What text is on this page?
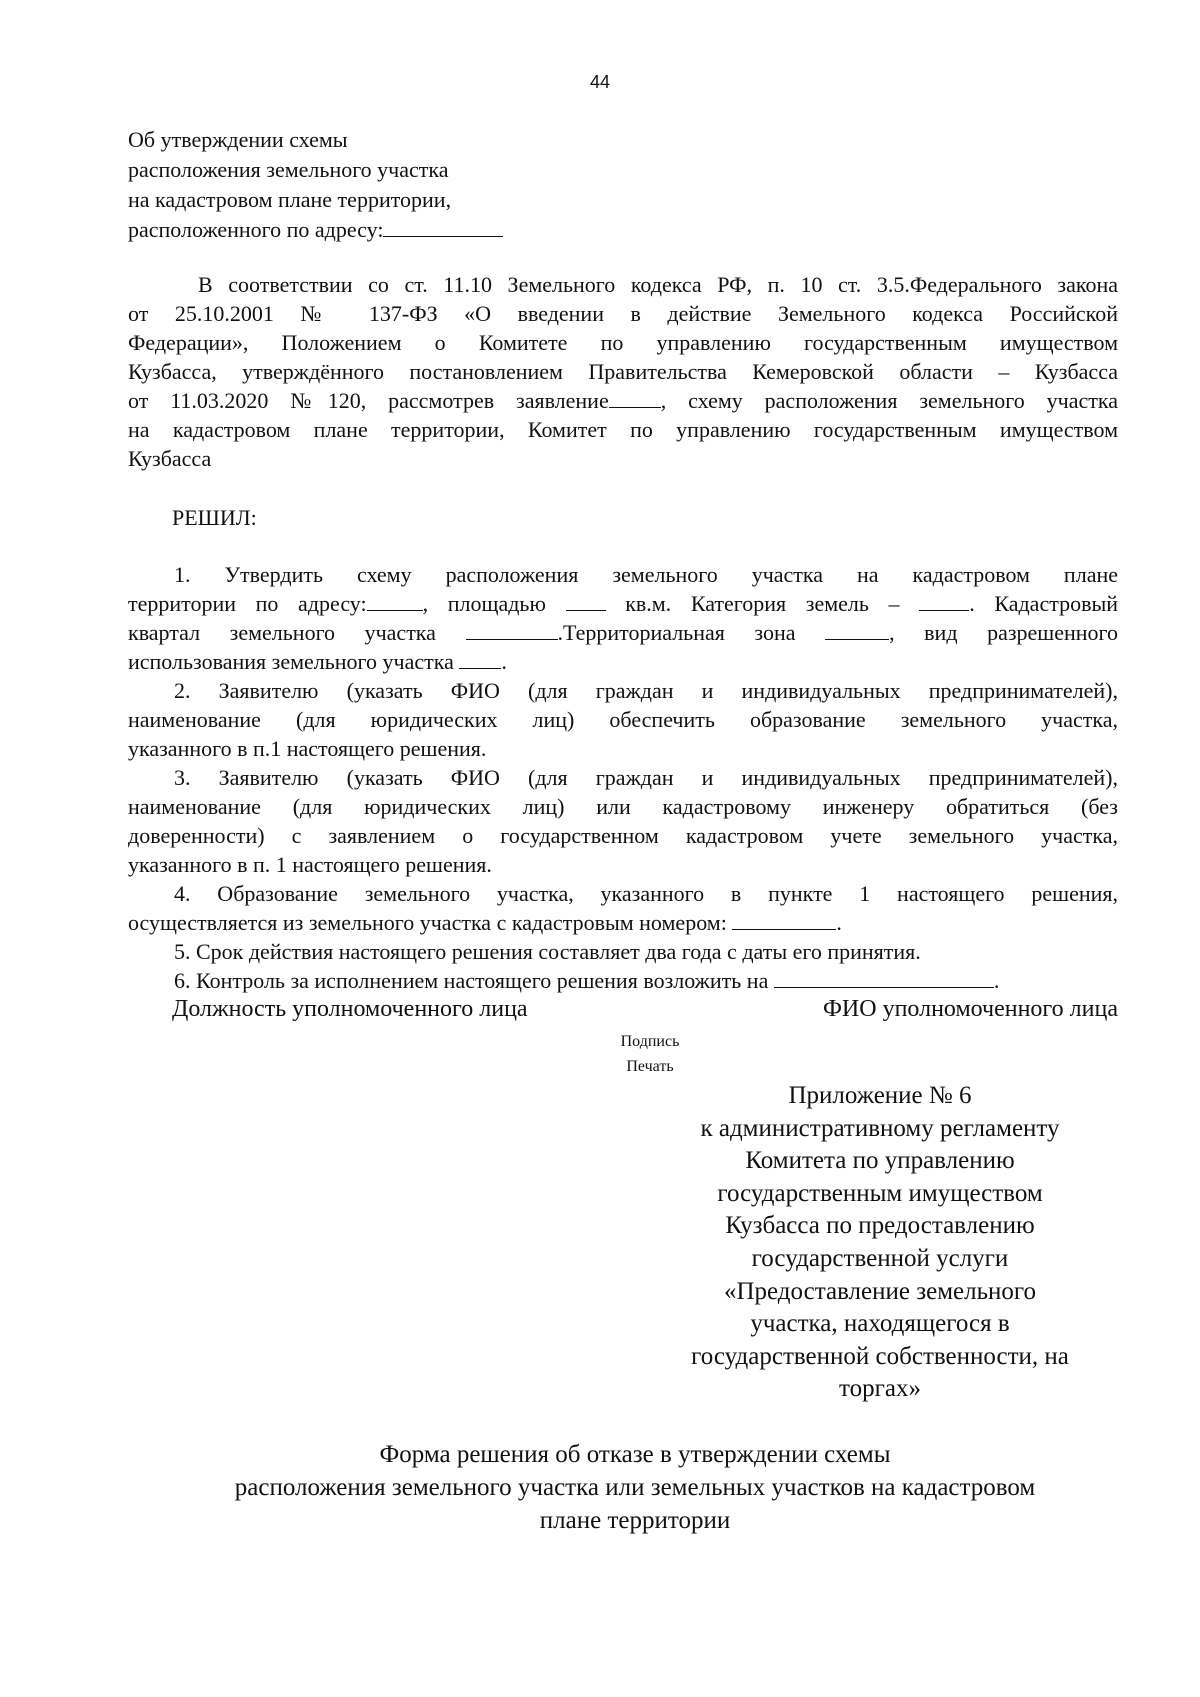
44
Об утверждении схемы
расположения земельного участка
на кадастровом плане территории,
расположенного по адресу:
В соответствии со ст. 11.10 Земельного кодекса РФ, п. 10 ст. 3.5.Федерального закона
от 25.10.2001 № 137-ФЗ «О введении в действие Земельного кодекса Российской
Федерации», Положением о Комитете по управлению государственным имуществом
Кузбасса, утверждённого постановлением Правительства Кемеровской области – Кузбасса
от 11.03.2020 №120, рассмотрев заявление , схему расположения земельного участка
на кадастровом плане территории, Комитет по управлению государственным имуществом
Кузбасса
РЕШИЛ:
1. Утвердить схему расположения земельного участка на кадастровом плане
территории по адресу:	, площадью	кв.м. Категория земель –	. Кадастровый
квартал земельного участка	.Территориальная зона	, вид разрешенного
использования земельного участка .
2. Заявителю (указать ФИО (для граждан и индивидуальных предпринимателей),
наименование (для юридических лиц) обеспечить образование земельного участка,
указанного в п.1 настоящего решения.
3. Заявителю (указать ФИО (для граждан и индивидуальных предпринимателей),
наименование (для юридических лиц) или кадастровому инженеру обратиться (без
доверенности) с заявлением о государственном кадастровом учете земельного участка,
указанного в п. 1 настоящего решения.
4. Образование земельного участка, указанного в пункте 1 настоящего решения,
осуществляется из земельного участка с кадастровым номером:	.
5. Срок действия настоящего решения составляет два года с даты его принятия.
6. Контроль за исполнением настоящего решения возложить на	.
Должность уполномоченного лица	ФИО уполномоченного лица
Подпись
Печать
Приложение № 6
к административному регламенту
Комитета по управлению
государственным имуществом
Кузбасса по предоставлению
государственной услуги
«Предоставление земельного
участка, находящегося в
государственной собственности, на
торгах»
Форма решения об отказе в утверждении схемы
расположения земельного участка или земельных участков на кадастровом
плане территории
